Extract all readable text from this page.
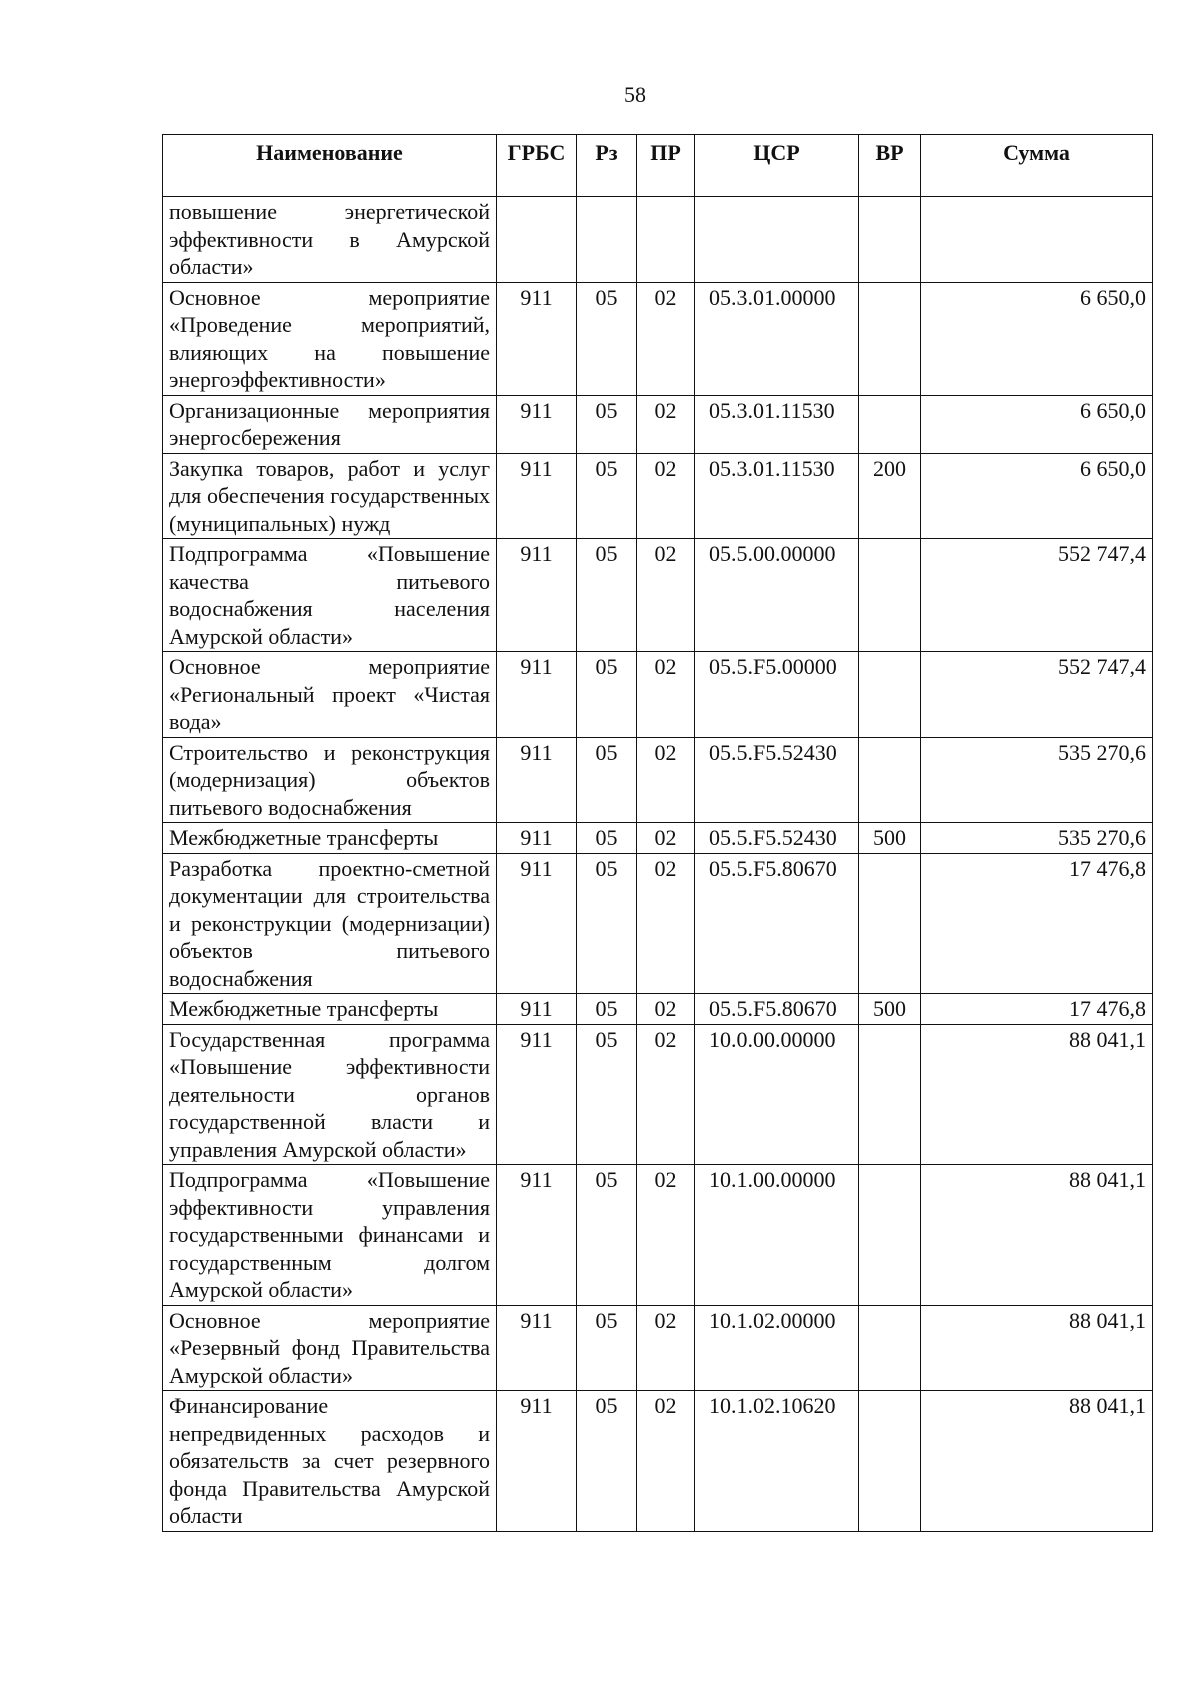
58
Наименование	ГРБС	Рз	ПР	ЦСР	ВР	Сумма
повышение энергетической эффективности в Амурской области»						
Основное мероприятие «Проведение мероприятий, влияющих на повышение энергоэффективности»	911	05	02	05.3.01.00000		6 650,0
Организационные мероприятия энергосбережения	911	05	02	05.3.01.11530		6 650,0
Закупка товаров, работ и услуг для обеспечения государственных (муниципальных) нужд	911	05	02	05.3.01.11530	200	6 650,0
Подпрограмма «Повышение качества питьевого водоснабжения населения Амурской области»	911	05	02	05.5.00.00000		552 747,4
Основное мероприятие «Региональный проект «Чистая вода»	911	05	02	05.5.F5.00000		552 747,4
Строительство и реконструкция (модернизация) объектов питьевого водоснабжения	911	05	02	05.5.F5.52430		535 270,6
Межбюджетные трансферты	911	05	02	05.5.F5.52430	500	535 270,6
Разработка проектно-сметной документации для строительства и реконструкции (модернизации) объектов питьевого водоснабжения	911	05	02	05.5.F5.80670		17 476,8
Межбюджетные трансферты	911	05	02	05.5.F5.80670	500	17 476,8
Государственная программа «Повышение эффективности деятельности органов государственной власти и управления Амурской области»	911	05	02	10.0.00.00000		88 041,1
Подпрограмма «Повышение эффективности управления государственными финансами и государственным долгом Амурской области»	911	05	02	10.1.00.00000		88 041,1
Основное мероприятие «Резервный фонд Правительства Амурской области»	911	05	02	10.1.02.00000		88 041,1
Финансирование непредвиденных расходов и обязательств за счет резервного фонда Правительства Амурской области	911	05	02	10.1.02.10620		88 041,1
